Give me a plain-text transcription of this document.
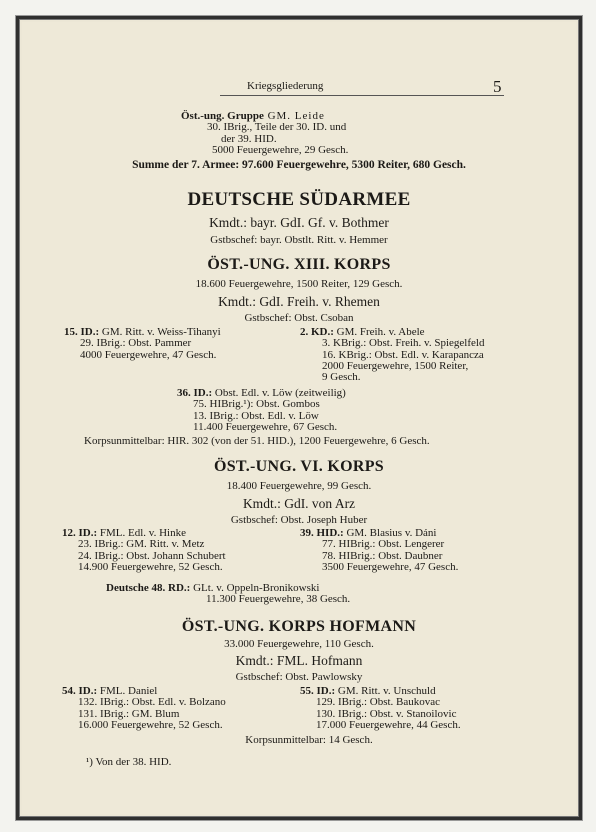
Kriegsgliederung	5
Öst.-ung. Gruppe GM. Leide
30. IBrig., Teile der 30. ID. und
der 39. HID.
5000 Feuergewehre, 29 Gesch.
Summe der 7. Armee: 97.600 Feuergewehre, 5300 Reiter, 680 Gesch.
DEUTSCHE SÜDARMEE
Kmdt.: bayr. GdI. Gf. v. Bothmer
Gstbschef: bayr. Obstlt. Ritt. v. Hemmer
ÖST.-UNG. XIII. KORPS
18.600 Feuergewehre, 1500 Reiter, 129 Gesch.
Kmdt.: GdI. Freih. v. Rhemen
Gstbschef: Obst. Csoban
15. ID.: GM. Ritt. v. Weiss-Tihanyi
29. IBrig.: Obst. Pammer
4000 Feuergewehre, 47 Gesch.
2. KD.: GM. Freih. v. Abele
3. KBrig.: Obst. Freih. v. Spiegelfeld
16. KBrig.: Obst. Edl. v. Karapancza
2000 Feuergewehre, 1500 Reiter,
9 Gesch.
36. ID.: Obst. Edl. v. Löw (zeitweilig)
75. HIBrig.¹): Obst. Gombos
13. IBrig.: Obst. Edl. v. Löw
11.400 Feuergewehre, 67 Gesch.
Korpsunmittelbar: HIR. 302 (von der 51. HID.), 1200 Feuergewehre, 6 Gesch.
ÖST.-UNG. VI. KORPS
18.400 Feuergewehre, 99 Gesch.
Kmdt.: GdI. von Arz
Gstbschef: Obst. Joseph Huber
12. ID.: FML. Edl. v. Hinke
23. IBrig.: GM. Ritt. v. Metz
24. IBrig.: Obst. Johann Schubert
14.900 Feuergewehre, 52 Gesch.
39. HID.: GM. Blasius v. Dáni
77. HIBrig.: Obst. Lengerer
78. HIBrig.: Obst. Daubner
3500 Feuergewehre, 47 Gesch.
Deutsche 48. RD.: GLt. v. Oppeln-Bronikowski
11.300 Feuergewehre, 38 Gesch.
ÖST.-UNG. KORPS HOFMANN
33.000 Feuergewehre, 110 Gesch.
Kmdt.: FML. Hofmann
Gstbschef: Obst. Pawlowsky
54. ID.: FML. Daniel
132. IBrig.: Obst. Edl. v. Bolzano
131. IBrig.: GM. Blum
16.000 Feuergewehre, 52 Gesch.
55. ID.: GM. Ritt. v. Unschuld
129. IBrig.: Obst. Baukovac
130. IBrig.: Obst. v. Stanoilovic
17.000 Feuergewehre, 44 Gesch.
Korpsunmittelbar: 14 Gesch.
¹) Von der 38. HID.
